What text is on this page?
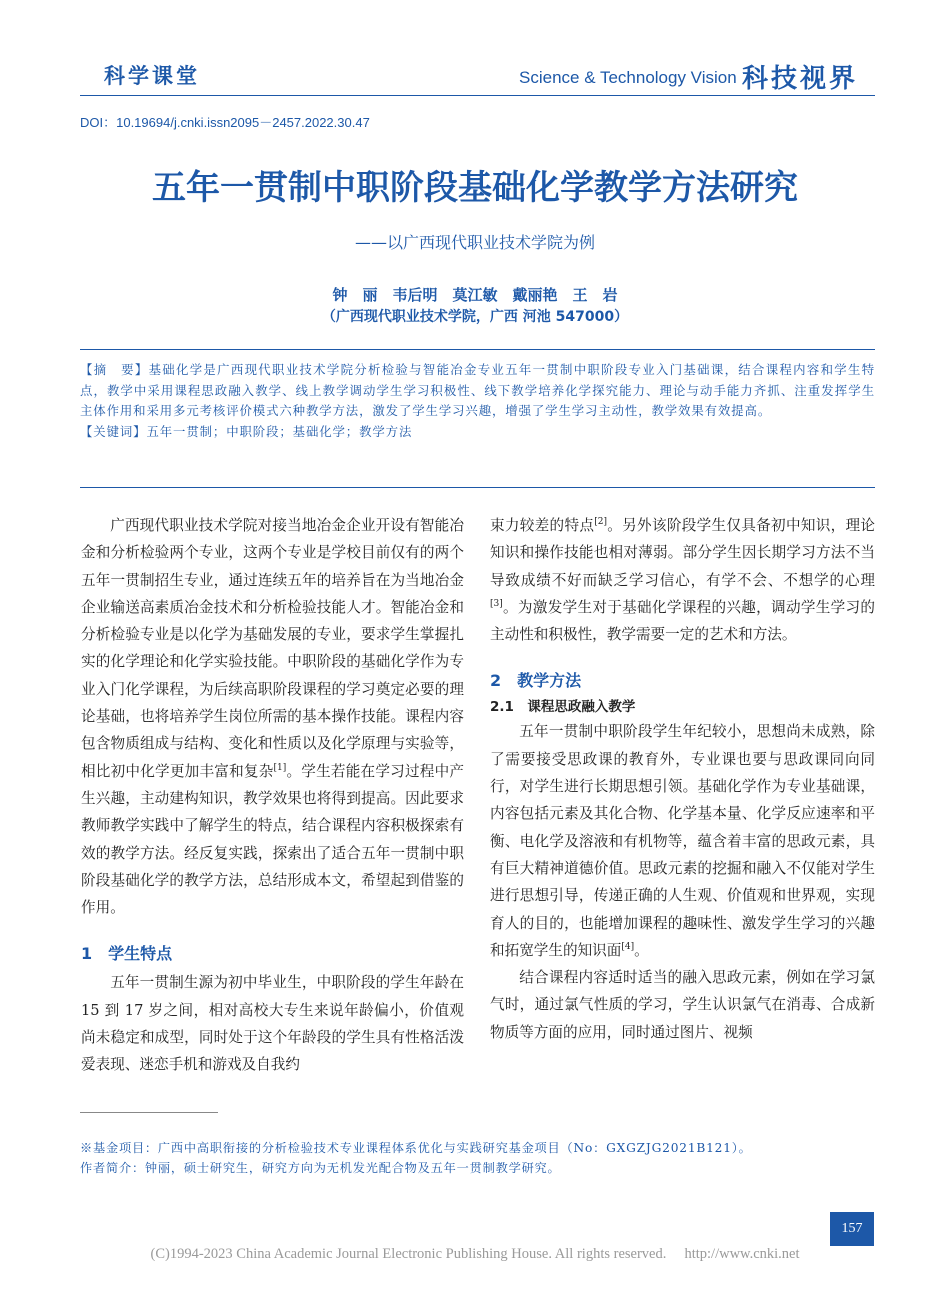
科学课堂	Science & Technology Vision 科技视界
DOI：10.19694/j.cnki.issn2095－2457.2022.30.47
五年一贯制中职阶段基础化学教学方法研究
——以广西现代职业技术学院为例
钟　丽　韦后明　莫江敏　戴丽艳　王　岩
（广西现代职业技术学院，广西 河池 547000）

【摘　要】基础化学是广西现代职业技术学院分析检验与智能冶金专业五年一贯制中职阶段专业入门基础课，结合课程内容和学生特点，教学中采用课程思政融入教学、线上教学调动学生学习积极性、线下教学培养化学探究能力、理论与动手能力齐抓、注重发挥学生主体作用和采用多元考核评价模式六种教学方法，激发了学生学习兴趣，增强了学生学习主动性，教学效果有效提高。

【关键词】五年一贯制；中职阶段；基础化学；教学方法

广西现代职业技术学院对接当地冶金企业开设有智能冶金和分析检验两个专业，这两个专业是学校目前仅有的两个五年一贯制招生专业，通过连续五年的培养旨在为当地冶金企业输送高素质冶金技术和分析检验技能人才。智能冶金和分析检验专业是以化学为基础发展的专业，要求学生掌握扎实的化学理论和化学实验技能。中职阶段的基础化学作为专业入门化学课程，为后续高职阶段课程的学习奠定必要的理论基础，也将培养学生岗位所需的基本操作技能。课程内容包含物质组成与结构、变化和性质以及化学原理与实验等，相比初中化学更加丰富和复杂[1]。学生若能在学习过程中产生兴趣，主动建构知识，教学效果也将得到提高。因此要求教师教学实践中了解学生的特点，结合课程内容积极探索有效的教学方法。经反复实践，探索出了适合五年一贯制中职阶段基础化学的教学方法，总结形成本文，希望起到借鉴的作用。

1　学生特点

五年一贯制生源为初中毕业生，中职阶段的学生年龄在 15 到 17 岁之间，相对高校大专生来说年龄偏小，价值观尚未稳定和成型，同时处于这个年龄段的学生具有性格活泼爱表现、迷恋手机和游戏及自我约

束力较差的特点[2]。另外该阶段学生仅具备初中知识，理论知识和操作技能也相对薄弱。部分学生因长期学习方法不当导致成绩不好而缺乏学习信心，有学不会、不想学的心理[3]。为激发学生对于基础化学课程的兴趣，调动学生学习的主动性和积极性，教学需要一定的艺术和方法。

2　教学方法
2.1　课程思政融入教学

五年一贯制中职阶段学生年纪较小，思想尚未成熟，除了需要接受思政课的教育外，专业课也要与思政课同向同行，对学生进行长期思想引领。基础化学作为专业基础课，内容包括元素及其化合物、化学基本量、化学反应速率和平衡、电化学及溶液和有机物等，蕴含着丰富的思政元素，具有巨大精神道德价值。思政元素的挖掘和融入不仅能对学生进行思想引导，传递正确的人生观、价值观和世界观，实现育人的目的，也能增加课程的趣味性、激发学生学习的兴趣和拓宽学生的知识面[4]。

结合课程内容适时适当的融入思政元素，例如在学习氯气时，通过氯气性质的学习，学生认识氯气在消毒、合成新物质等方面的应用，同时通过图片、视频

※基金项目：广西中高职衔接的分析检验技术专业课程体系优化与实践研究基金项目（No：GXGZJG2021B121）。

作者简介：钟丽，硕士研究生，研究方向为无机发光配合物及五年一贯制教学研究。

157
(C)1994-2023 China Academic Journal Electronic Publishing House. All rights reserved.　 http://www.cnki.net
